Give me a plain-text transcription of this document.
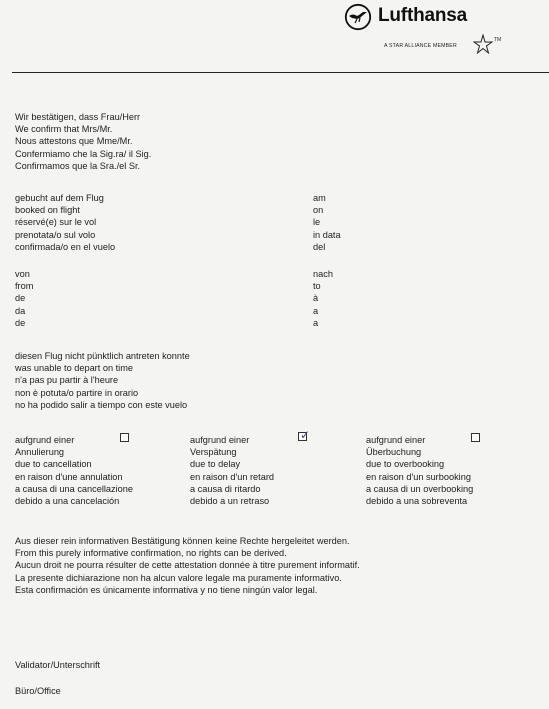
Lufthansa
A STAR ALLIANCE MEMBER
TM
Wir bestätigen, dass Frau/Herr
We confirm that Mrs/Mr.
Nous attestons que Mme/Mr.
Confermiamo che la Sig.ra/ il Sig.
Confirmamos que la Sra./el Sr.
gebucht auf dem Flug
booked on flight
réservé(e) sur le vol
prenotata/o sul volo
confirmada/o en el vuelo
am
on
le
in data
del
von
from
de
da
de
nach
to
à
a
a
diesen Flug nicht pünktlich antreten konnte
was unable to depart on time
n'a pas pu partir à l'heure
non è potuta/o partire in orario
no ha podido salir a tiempo con este vuelo
aufgrund einer
Annulierung
due to cancellation
en raison d'une annulation
a causa di una cancellazione
debido a una cancelación
aufgrund einer
Verspätung
due to delay
en raison d'un retard
a causa di ritardo
debido a un retraso
✓	aufgrund einer
Überbuchung
due to overbooking
en raison d'un surbooking
a causa di un overbooking
debido a una sobreventa
Aus dieser rein informativen Bestätigung können keine Rechte hergeleitet werden.
From this purely informative confirmation, no rights can be derived.
Aucun droit ne pourra résulter de cette attestation donnée à titre purement informatif.
La presente dichiarazione non ha alcun valore legale ma puramente informativo.
Esta confirmación es únicamente informativa y no tiene ningún valor legal.
Validator/Unterschrift
Büro/Office
